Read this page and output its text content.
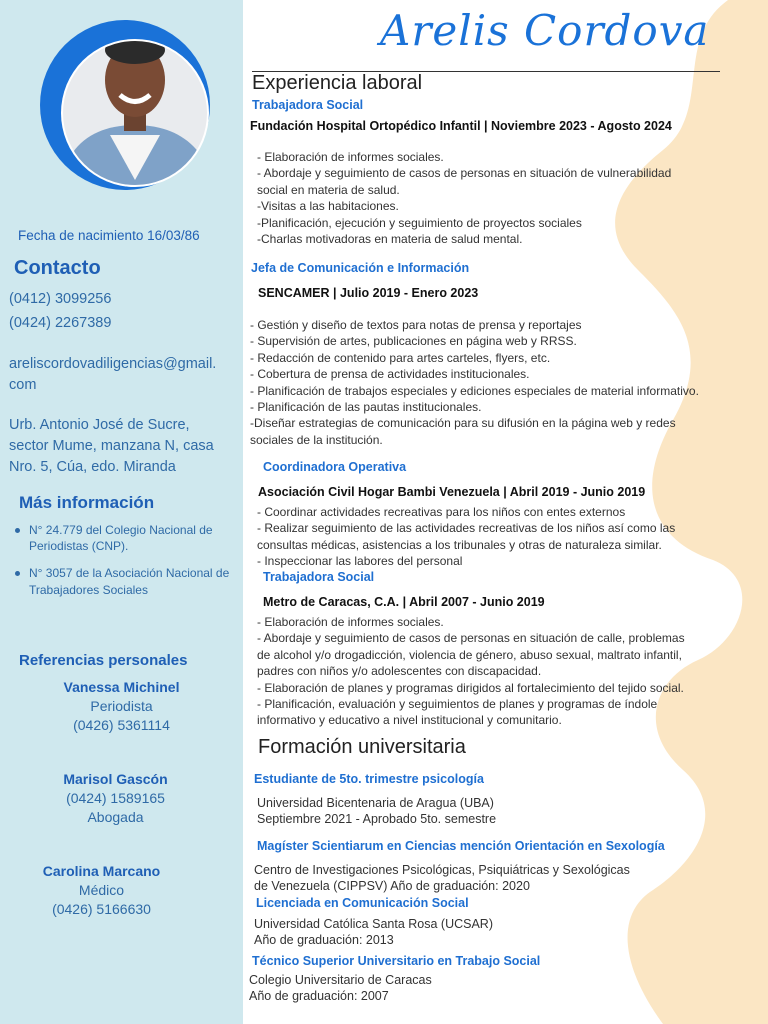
Fecha de nacimiento 16/03/86
Contacto
(0412) 3099256
(0424) 2267389
areliscordovadiligencias@gmail.
com
Urb. Antonio José de Sucre,
sector Mume, manzana N, casa
Nro. 5, Cúa, edo. Miranda
Más información
N° 24.779 del Colegio Nacional de Periodistas (CNP).
N° 3057 de la Asociación Nacional de Trabajadores Sociales
Referencias personales
Vanessa Michinel
Periodista
(0426) 5361114
Marisol Gascón
(0424) 1589165
Abogada
Carolina Marcano
Médico
(0426) 5166630
Arelis Cordova
Experiencia laboral
Trabajadora Social
Fundación Hospital Ortopédico Infantil | Noviembre 2023 - Agosto 2024
- Elaboración de informes sociales.
- Abordaje y seguimiento de casos de personas en situación de vulnerabilidad
social en materia de salud.
-Visitas a las habitaciones.
-Planificación, ejecución y seguimiento de proyectos sociales
-Charlas motivadoras en materia de salud mental.
Jefa de Comunicación e Información
SENCAMER | Julio 2019 - Enero 2023
- Gestión y diseño de textos para notas de prensa y reportajes
- Supervisión de artes, publicaciones en página web y RRSS.
- Redacción de contenido para artes carteles, flyers, etc.
- Cobertura de prensa de actividades institucionales.
- Planificación de trabajos especiales y ediciones especiales de material informativo.
- Planificación de las pautas institucionales.
-Diseñar estrategias de comunicación para su difusión en la página web y redes
sociales de la institución.
Coordinadora Operativa
Asociación Civil Hogar Bambi Venezuela | Abril 2019 - Junio 2019
- Coordinar actividades recreativas para los niños con entes externos
- Realizar seguimiento de las actividades recreativas de los niños así como las
consultas médicas, asistencias a los tribunales y otras de naturaleza similar.
- Inspeccionar las labores del personal
Trabajadora Social
Metro de Caracas, C.A. | Abril 2007 - Junio 2019
- Elaboración de informes sociales.
- Abordaje y seguimiento de casos de personas en situación de calle, problemas
de alcohol y/o drogadicción, violencia de género, abuso sexual, maltrato infantil,
padres con niños y/o adolescentes con discapacidad.
- Elaboración de planes y programas dirigidos al fortalecimiento del tejido social.
- Planificación, evaluación y seguimientos de planes y programas de índole
informativo y educativo a nivel institucional y comunitario.
Formación universitaria
Estudiante de 5to. trimestre psicología
Universidad Bicentenaria de Aragua (UBA)
Septiembre 2021 - Aprobado 5to. semestre
Magíster Scientiarum en Ciencias mención Orientación en Sexología
Centro de Investigaciones Psicológicas, Psiquiátricas y Sexológicas
de Venezuela (CIPPSV) Año de graduación: 2020
Licenciada en Comunicación Social
Universidad Católica Santa Rosa (UCSAR)
Año de graduación: 2013
Técnico Superior Universitario en Trabajo Social
Colegio Universitario de Caracas
Año de graduación: 2007
